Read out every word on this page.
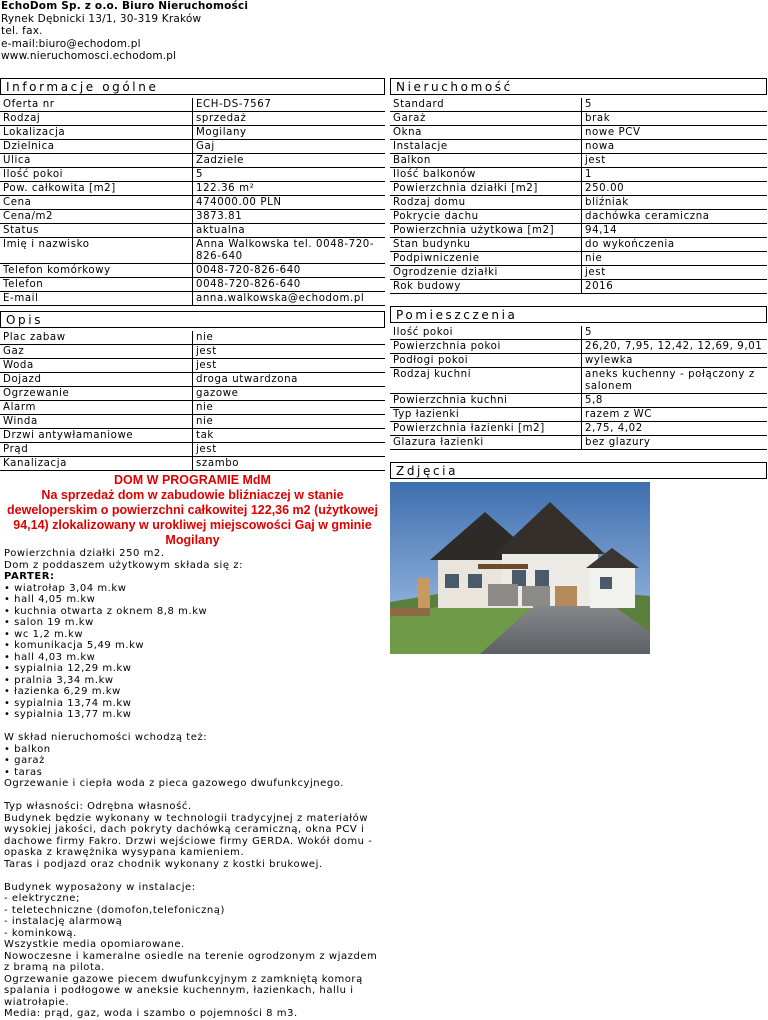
EchoDom Sp. z o.o. Biuro Nieruchomości
Rynek Dębnicki 13/1, 30-319 Kraków
tel. fax.
e-mail:biuro@echodom.pl
www.nieruchomosci.echodom.pl
Informacje ogólne
Oferta nr	ECH-DS-7567
Rodzaj	sprzedaż
Lokalizacja	Mogilany
Dzielnica	Gaj
Ulica	Zadziele
Ilość pokoi	5
Pow. całkowita [m2]	122.36 m²
Cena	474000.00 PLN
Cena/m2	3873.81
Status	aktualna
Imię i nazwisko	Anna Walkowska tel. 0048-720-826-640
Telefon komórkowy	0048-720-826-640
Telefon	0048-720-826-640
E-mail	anna.walkowska@echodom.pl
Opis
Plac zabaw	nie
Gaz	jest
Woda	jest
Dojazd	droga utwardzona
Ogrzewanie	gazowe
Alarm	nie
Winda	nie
Drzwi antywłamaniowe	tak
Prąd	jest
Kanalizacja	szambo
DOM W PROGRAMIE MdM
Na sprzedaż dom w zabudowie bliźniaczej w stanie deweloperskim o powierzchni całkowitej 122,36 m2 (użytkowej 94,14) zlokalizowany w urokliwej miejscowości Gaj w gminie Mogilany
Powierzchnia działki 250 m2.
Dom z poddaszem użytkowym składa się z:
PARTER:
• wiatrołap 3,04 m.kw
• hall 4,05 m.kw
• kuchnia otwarta z oknem 8,8 m.kw
• salon 19 m.kw
• wc 1,2 m.kw
• komunikacja 5,49 m.kw
• hall 4,03 m.kw
• sypialnia 12,29 m.kw
• pralnia 3,34 m.kw
• łazienka 6,29 m.kw
• sypialnia 13,74 m.kw
• sypialnia 13,77 m.kw

W skład nieruchomości wchodzą też:
• balkon
• garaż
• taras
Ogrzewanie i ciepła woda z pieca gazowego dwufunkcyjnego.

Typ własności: Odrębna własność.
Budynek będzie wykonany w technologii tradycyjnej z materiałów wysokiej jakości, dach pokryty dachówką ceramiczną, okna PCV i dachowe firmy Fakro. Drzwi wejściowe firmy GERDA. Wokół domu - opaska z krawężnika wysypana kamieniem.
Taras i podjazd oraz chodnik wykonany z kostki brukowej.

Budynek wyposażony w instalacje:
- elektryczne;
- teletechniczne (domofon,telefoniczną)
- instalację alarmową
- kominkową.
Wszystkie media opomiarowane.
Nowoczesne i kameralne osiedle na terenie ogrodzonym z wjazdem z bramą na pilota.
Ogrzewanie gazowe piecem dwufunkcyjnym z zamkniętą komorą spalania i podłogowe w aneksie kuchennym, łazienkach, hallu i wiatrołapie.
Media: prąd, gaz, woda i szambo o pojemności 8 m3.
Nieruchomość
Standard	5
Garaż	brak
Okna	nowe PCV
Instalacje	nowa
Balkon	jest
Ilość balkonów	1
Powierzchnia działki [m2]	250.00
Rodzaj domu	bliźniak
Pokrycie dachu	dachówka ceramiczna
Powierzchnia użytkowa [m2]	94,14
Stan budynku	do wykończenia
Podpiwniczenie	nie
Ogrodzenie działki	jest
Rok budowy	2016
Pomieszczenia
Ilość pokoi	5
Powierzchnia pokoi	26,20, 7,95, 12,42, 12,69, 9,01
Podłogi pokoi	wylewka
Rodzaj kuchni	aneks kuchenny - połączony z salonem
Powierzchnia kuchni	5,8
Typ łazienki	razem z WC
Powierzchnia łazienki [m2]	2,75, 4,02
Glazura łazienki	bez glazury
Zdjęcia
